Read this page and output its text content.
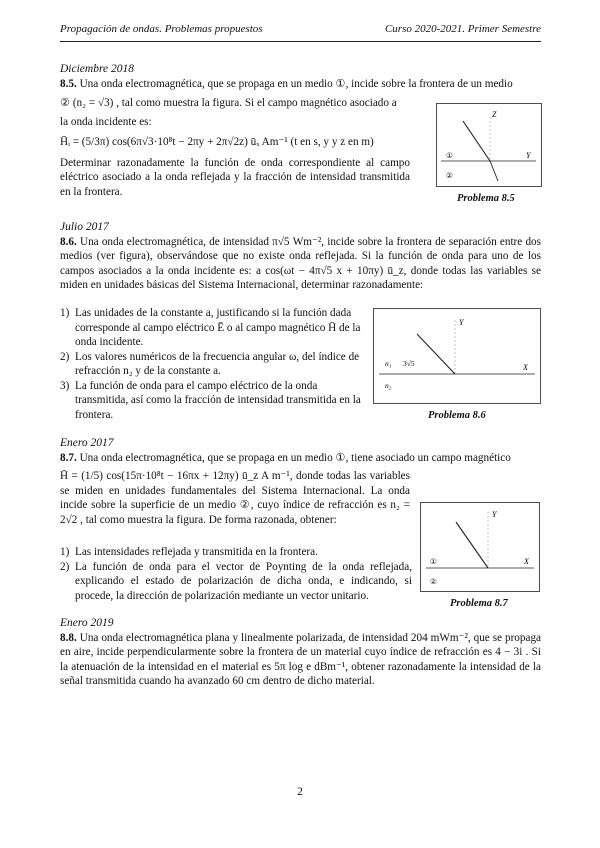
Propagación de ondas. Problemas propuestos	Curso 2020-2021. Primer Semestre
Diciembre 2018

8.5. Una onda electromagnética, que se propaga en un medio ①, incide sobre la frontera de un medio

② (n₂ = √3) , tal como muestra la figura. Si el campo magnético asociado a

la onda incidente es:

H̄ᵢ = (5/3π) cos(6π√3·10⁸t − 2πy + 2π√2z) ūₓ Am⁻¹ (t en s, y y z en m)

Determinar razonadamente la función de onda correspondiente al campo eléctrico asociado a la onda reflejada y la fracción de intensidad transmitida en la frontera.

Z
Y
①
②
Problema 8.5
Julio 2017

8.6. Una onda electromagnética, de intensidad π√5 Wm⁻², incide sobre la frontera de separación entre dos medios (ver figura), observándose que no existe onda reflejada. Si la función de onda para uno de los campos asociados a la onda incidente es: a cos(ωt − 4π√5 x + 10πy) ū_z, donde todas las variables se miden en unidades básicas del Sistema Internacional, determinar razonadamente:

1) Las unidades de la constante a, justificando si la función dada corresponde al campo eléctrico Ē o al campo magnético H̄ de la onda incidente.
2) Los valores numéricos de la frecuencia angular ω, del índice de refracción n₂ y de la constante a.
3) La función de onda para el campo eléctrico de la onda transmitida, así como la fracción de intensidad transmitida en la frontera.
Y
X
n₁ 3√5
n₂
Problema 8.6
Enero 2017

8.7. Una onda electromagnética, que se propaga en un medio ①, tiene asociado un campo magnético

H̄ = (1/5) cos(15π·10⁸t − 16πx + 12πy) ū_z A m⁻¹, donde todas las variables se miden en unidades fundamentales del Sistema Internacional. La onda incide sobre la superficie de un medio ②, cuyo índice de refracción es n₂ = 2√2 , tal como muestra la figura. De forma razonada, obtener:

1) Las intensidades reflejada y transmitida en la frontera.
2) La función de onda para el vector de Poynting de la onda reflejada, explicando el estado de polarización de dicha onda, e indicando, si procede, la dirección de polarización mediante un vector unitario.
Y
X
①
②
Problema 8.7
Enero 2019

8.8. Una onda electromagnética plana y linealmente polarizada, de intensidad 204 mWm⁻², que se propaga en aire, incide perpendicularmente sobre la frontera de un material cuyo índice de refracción es 4 − 3i . Si la atenuación de la intensidad en el material es 5π log e dBm⁻¹, obtener razonadamente la intensidad de la señal transmitida cuando ha avanzado 60 cm dentro de dicho material.

2
